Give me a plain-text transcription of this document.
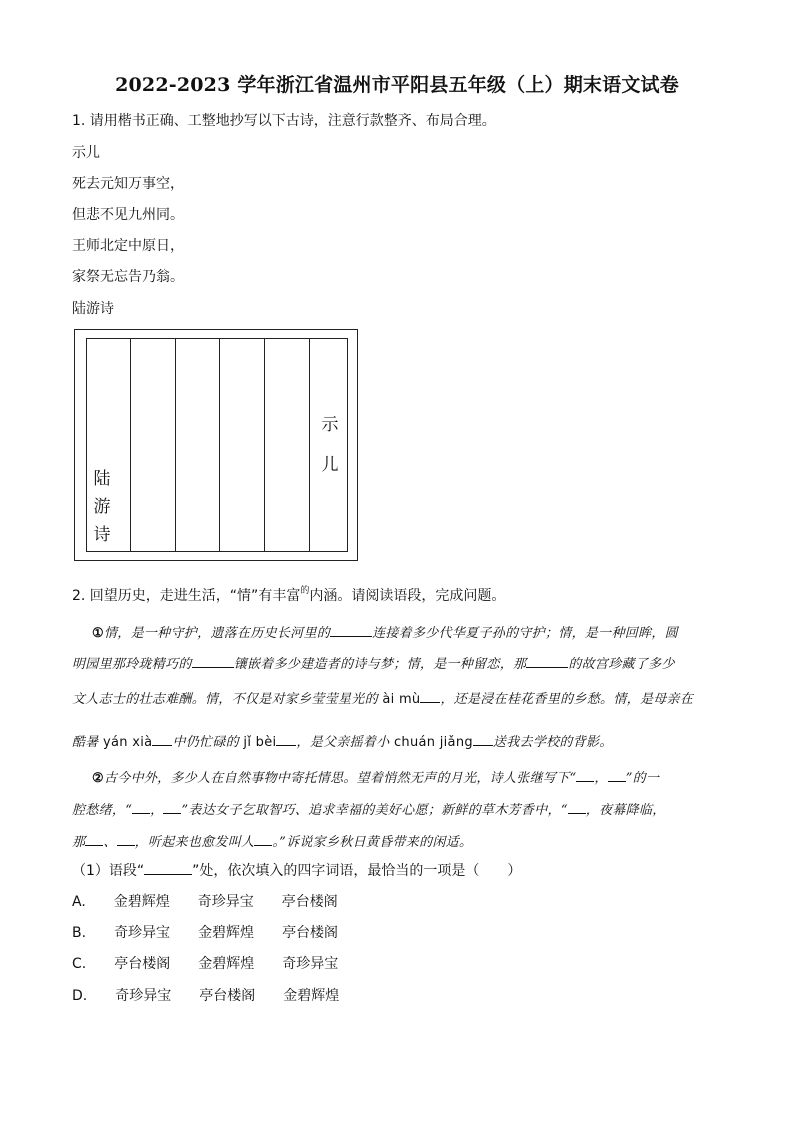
2022-2023 学年浙江省温州市平阳县五年级（上）期末语文试卷
1. 请用楷书正确、工整地抄写以下古诗，注意行款整齐、布局合理。
示儿
死去元知万事空，
但悲不见九州同。
王师北定中原日，
家祭无忘告乃翁。
陆游诗
示
儿
陆
游
诗
2. 回望历史，走进生活，“情”有丰富$^的$内涵。请阅读语段，完成问题。
①情，是一种守护，遗落在历史长河里的	连接着多少代华夏子孙的守护；情，是一种回眸，圆
明园里那玲珑精巧的	镶嵌着多少建造者的诗与梦；情，是一种留恋，那	的故宫珍藏了多少
文人志士的壮志难酬。情，不仅是对家乡莹莹星光的 ài mù ，还是浸在桂花香里的乡愁。情，是母亲在
酷暑 yán xià 中仍忙碌的 jǐ bèi ，是父亲摇着小 chuán jiǎng 送我去学校的背影。
②古今中外，多少人在自然事物中寄托情思。望着悄然无声的月光，诗人张继写下“ ， ”的一
腔愁绪，“ ， ”表达女子乞取智巧、追求幸福的美好心愿；新鲜的草木芳香中，“ ，夜幕降临，
那 、 ，听起来也愈发叫人 。”诉说家乡秋日黄昏带来的闲适。
（1）语段“	”处，依次填入的四字词语，最恰当的一项是（　　）
A. 金碧辉煌 奇珍异宝 亭台楼阁
B. 奇珍异宝 金碧辉煌 亭台楼阁
C. 亭台楼阁 金碧辉煌 奇珍异宝
D. 奇珍异宝 亭台楼阁 金碧辉煌
